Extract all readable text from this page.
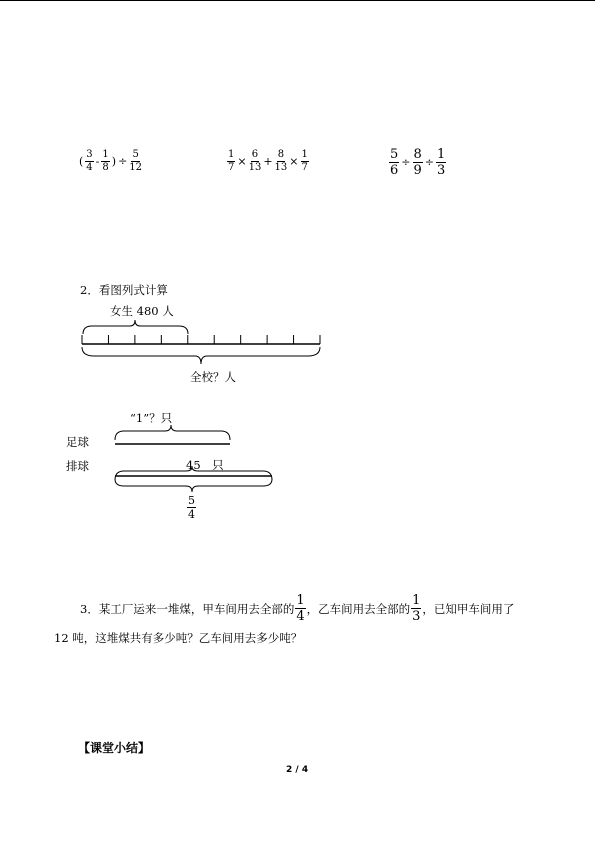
( $\frac{3}{4} - \frac{1}{8}$ ) ÷ $\frac{5}{12}$	$\frac{1}{7} \times \frac{6}{13} + \frac{8}{13} \times \frac{1}{7}$	$\frac{5}{6} \div \frac{8}{9} \div \frac{1}{3}$
2．看图列式计算
女生 480 人
全校？人
“1”？只
足球
排球	45　只
$\frac{5}{4}$
3．某工厂运来一堆煤，甲车间用去全部的 $\frac{1}{4}$ ，乙车间用去全部的 $\frac{1}{3}$ ，已知甲车间用了
12 吨，这堆煤共有多少吨？乙车间用去多少吨？
【课堂小结】
2 / 4
